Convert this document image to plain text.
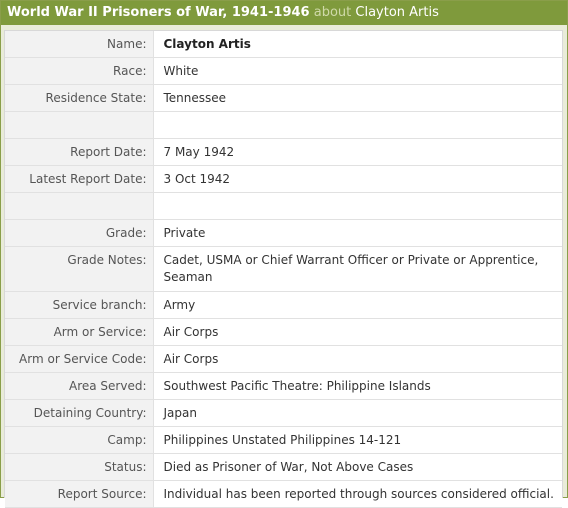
World War II Prisoners of War, 1941-1946 about Clayton Artis
Name:	Clayton Artis
Race:	White
Residence State:	Tennessee

Report Date:	7 May 1942
Latest Report Date:	3 Oct 1942

Grade:	Private
Grade Notes:	Cadet, USMA or Chief Warrant Officer or Private or Apprentice, Seaman
Service branch:	Army
Arm or Service:	Air Corps
Arm or Service Code:	Air Corps
Area Served:	Southwest Pacific Theatre: Philippine Islands
Detaining Country:	Japan
Camp:	Philippines Unstated Philippines 14-121
Status:	Died as Prisoner of War, Not Above Cases
Report Source:	Individual has been reported through sources considered official.
